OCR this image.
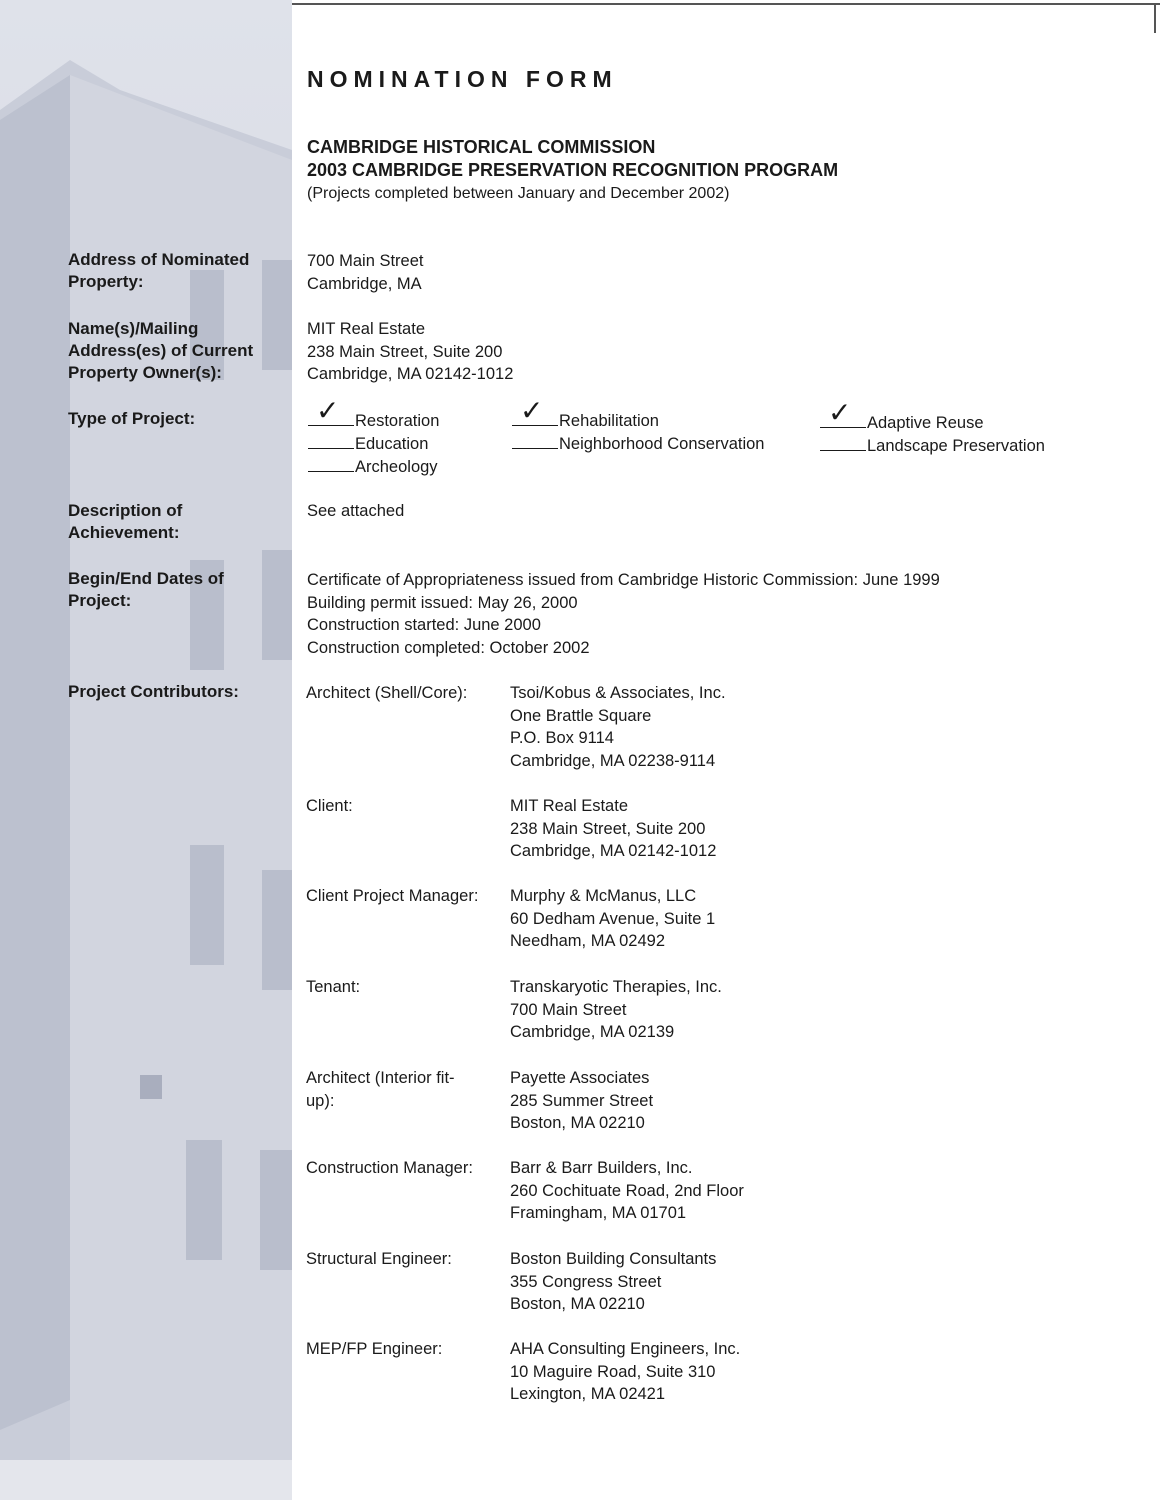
NOMINATION FORM
CAMBRIDGE HISTORICAL COMMISSION
2003 CAMBRIDGE PRESERVATION RECOGNITION PROGRAM
(Projects completed between January and December 2002)
Address of Nominated
Property:
700 Main Street
Cambridge, MA
Name(s)/Mailing
Address(es) of Current
Property Owner(s):
MIT Real Estate
238 Main Street, Suite 200
Cambridge, MA 02142-1012
Type of Project:	✓ Restoration	✓ Rehabilitation	✓ Adaptive Reuse
Education	Neighborhood Conservation	Landscape Preservation
Archeology
Description of
Achievement:
See attached
Begin/End Dates of
Project:
Certificate of Appropriateness issued from Cambridge Historic Commission: June 1999
Building permit issued: May 26, 2000
Construction started: June 2000
Construction completed: October 2002
Project Contributors:	Architect (Shell/Core):	Tsoi/Kobus & Associates, Inc.
One Brattle Square
P.O. Box 9114
Cambridge, MA 02238-9114
Client:	MIT Real Estate
238 Main Street, Suite 200
Cambridge, MA 02142-1012
Client Project Manager:	Murphy & McManus, LLC
60 Dedham Avenue, Suite 1
Needham, MA 02492
Tenant:	Transkaryotic Therapies, Inc.
700 Main Street
Cambridge, MA 02139
Architect (Interior fit-up):
Payette Associates
285 Summer Street
Boston, MA 02210
Construction Manager:	Barr & Barr Builders, Inc.
260 Cochituate Road, 2nd Floor
Framingham, MA 01701
Structural Engineer:	Boston Building Consultants
355 Congress Street
Boston, MA 02210
MEP/FP Engineer:	AHA Consulting Engineers, Inc.
10 Maguire Road, Suite 310
Lexington, MA 02421
